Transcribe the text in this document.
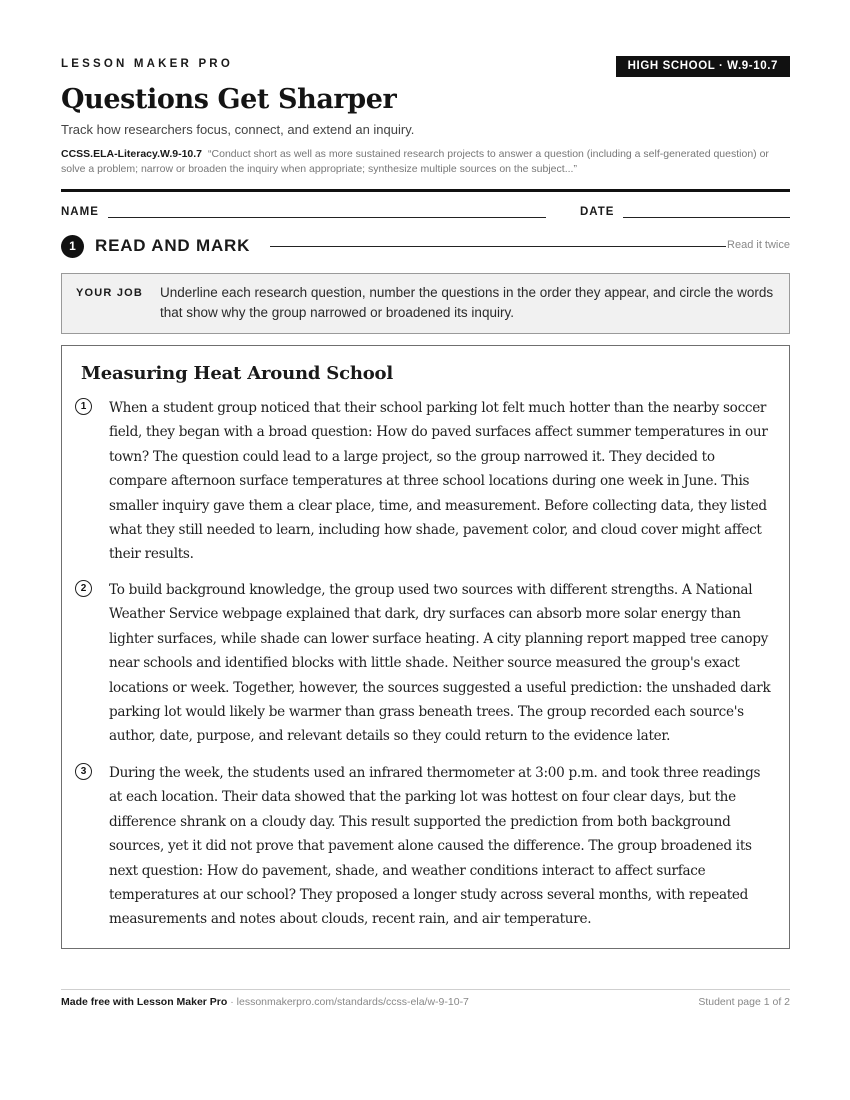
LESSON MAKER PRO	HIGH SCHOOL · W.9-10.7
Questions Get Sharper
Track how researchers focus, connect, and extend an inquiry.
CCSS.ELA-Literacy.W.9-10.7 “Conduct short as well as more sustained research projects to answer a question (including a self-generated question) or solve a problem; narrow or broaden the inquiry when appropriate; synthesize multiple sources on the subject...”
NAME	DATE
1	READ AND MARK	Read it twice
YOUR JOB Underline each research question, number the questions in the order they appear, and circle the words that show why the group narrowed or broadened its inquiry.
Measuring Heat Around School
1	When a student group noticed that their school parking lot felt much hotter than the nearby soccer field, they began with a broad question: How do paved surfaces affect summer temperatures in our town? The question could lead to a large project, so the group narrowed it. They decided to compare afternoon surface temperatures at three school locations during one week in June. This smaller inquiry gave them a clear place, time, and measurement. Before collecting data, they listed what they still needed to learn, including how shade, pavement color, and cloud cover might affect their results.

2	To build background knowledge, the group used two sources with different strengths. A National Weather Service webpage explained that dark, dry surfaces can absorb more solar energy than lighter surfaces, while shade can lower surface heating. A city planning report mapped tree canopy near schools and identified blocks with little shade. Neither source measured the group's exact locations or week. Together, however, the sources suggested a useful prediction: the unshaded dark parking lot would likely be warmer than grass beneath trees. The group recorded each source's author, date, purpose, and relevant details so they could return to the evidence later.

3	During the week, the students used an infrared thermometer at 3:00 p.m. and took three readings at each location. Their data showed that the parking lot was hottest on four clear days, but the difference shrank on a cloudy day. This result supported the prediction from both background sources, yet it did not prove that pavement alone caused the difference. The group broadened its next question: How do pavement, shade, and weather conditions interact to affect surface temperatures at our school? They proposed a longer study across several months, with repeated measurements and notes about clouds, recent rain, and air temperature.

Made free with Lesson Maker Pro · lessonmakerpro.com/standards/ccss-ela/w-9-10-7	Student page 1 of 2
